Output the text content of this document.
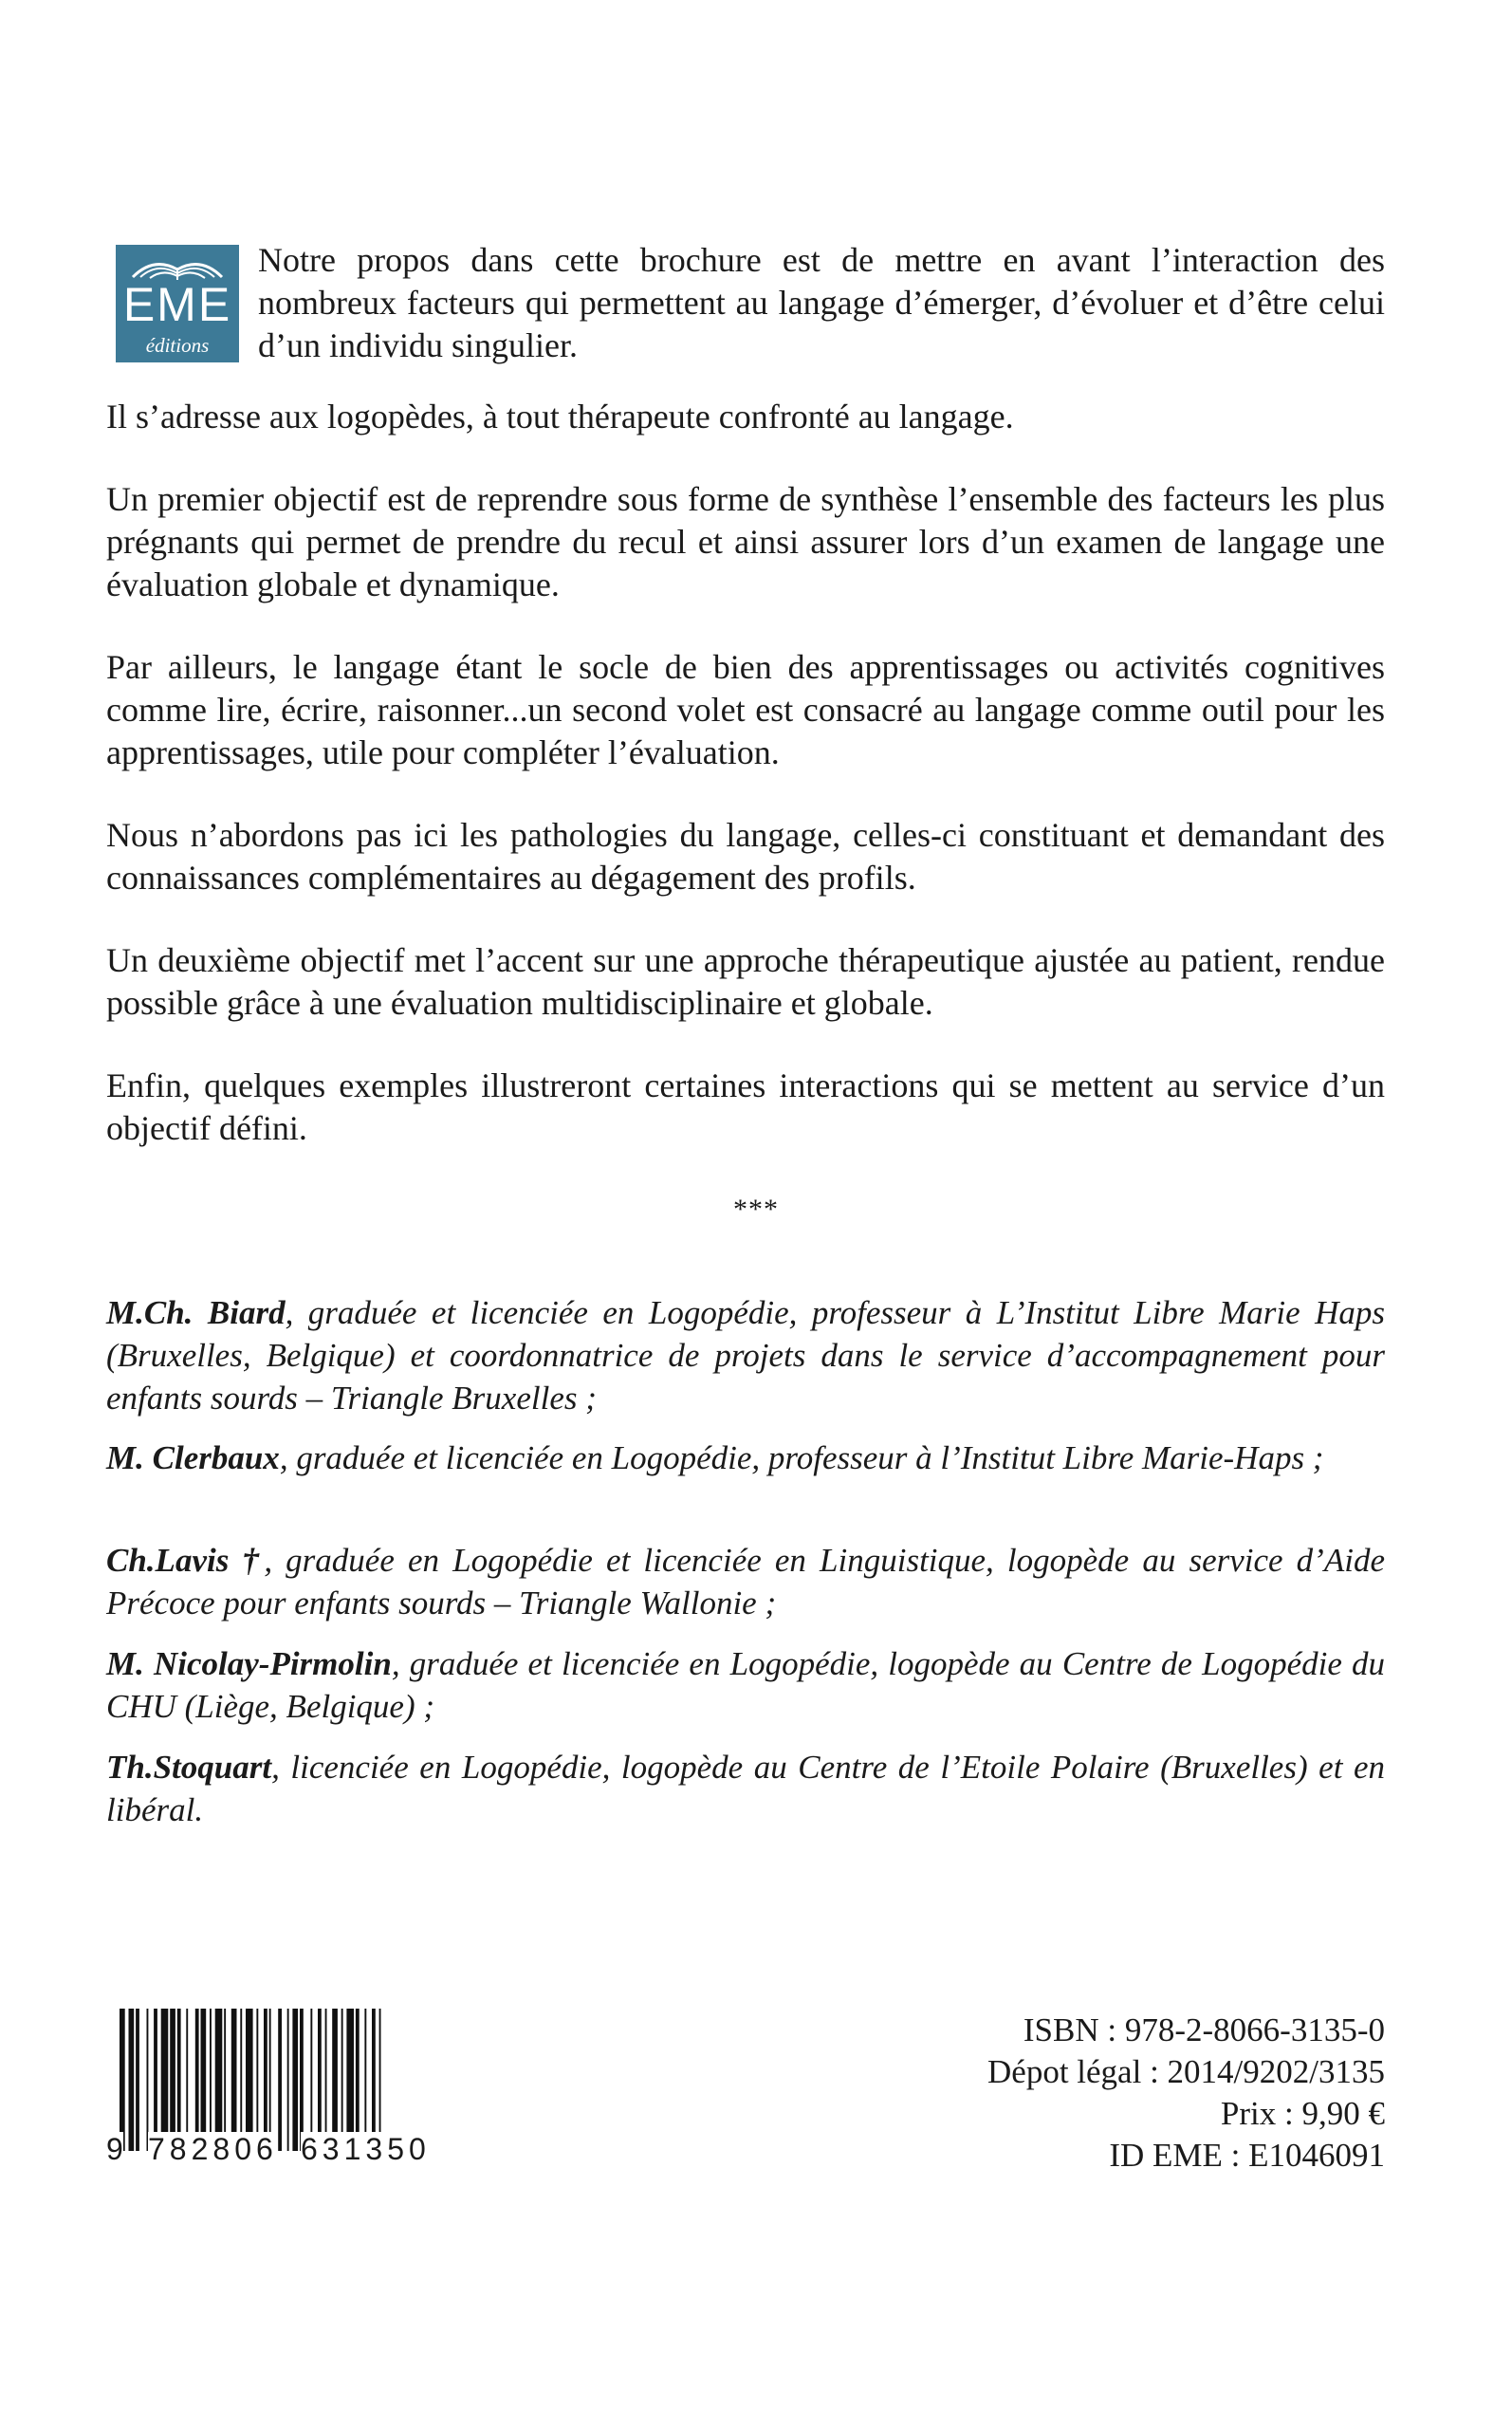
EME
éditions
Notre propos dans cette brochure est de mettre en avant l’interaction des nombreux facteurs qui permettent au langage d’émerger, d’évoluer et d’être celui d’un individu singulier.

Il s’adresse aux logopèdes, à tout thérapeute confronté au langage.

Un premier objectif est de reprendre sous forme de synthèse l’ensemble des facteurs les plus prégnants qui permet de prendre du recul et ainsi assurer lors d’un examen de langage une évaluation globale et dynamique.

Par ailleurs, le langage étant le socle de bien des apprentissages ou activités cognitives comme lire, écrire, raisonner...un second volet est consacré au langage comme outil pour les apprentissages, utile pour compléter l’évaluation.

Nous n’abordons pas ici les pathologies du langage, celles-ci constituant et demandant des connaissances complémentaires au dégagement des profils.

Un deuxième objectif met l’accent sur une approche thérapeutique ajustée au patient, rendue possible grâce à une évaluation multidisciplinaire et globale.

Enfin, quelques exemples illustreront certaines interactions qui se mettent au service d’un objectif défini.

***
M.Ch. Biard, graduée et licenciée en Logopédie, professeur à L’Institut Libre Marie Haps (Bruxelles, Belgique) et coordonnatrice de projets dans le service d’accompagnement pour enfants sourds – Triangle Bruxelles ;
M. Clerbaux, graduée et licenciée en Logopédie, professeur à l’Institut Libre Marie-Haps ;
Ch.Lavis †, graduée en Logopédie et licenciée en Linguistique, logopède au service d’Aide Précoce pour enfants sourds – Triangle Wallonie ;
M. Nicolay-Pirmolin, graduée et licenciée en Logopédie, logopède au Centre de Logopédie du CHU (Liège, Belgique) ;
Th.Stoquart, licenciée en Logopédie, logopède au Centre de l’Etoile Polaire (Bruxelles) et en libéral.
9 782806 631350
ISBN : 978-2-8066-3135-0
Dépot légal : 2014/9202/3135
Prix : 9,90 €
ID EME : E1046091
